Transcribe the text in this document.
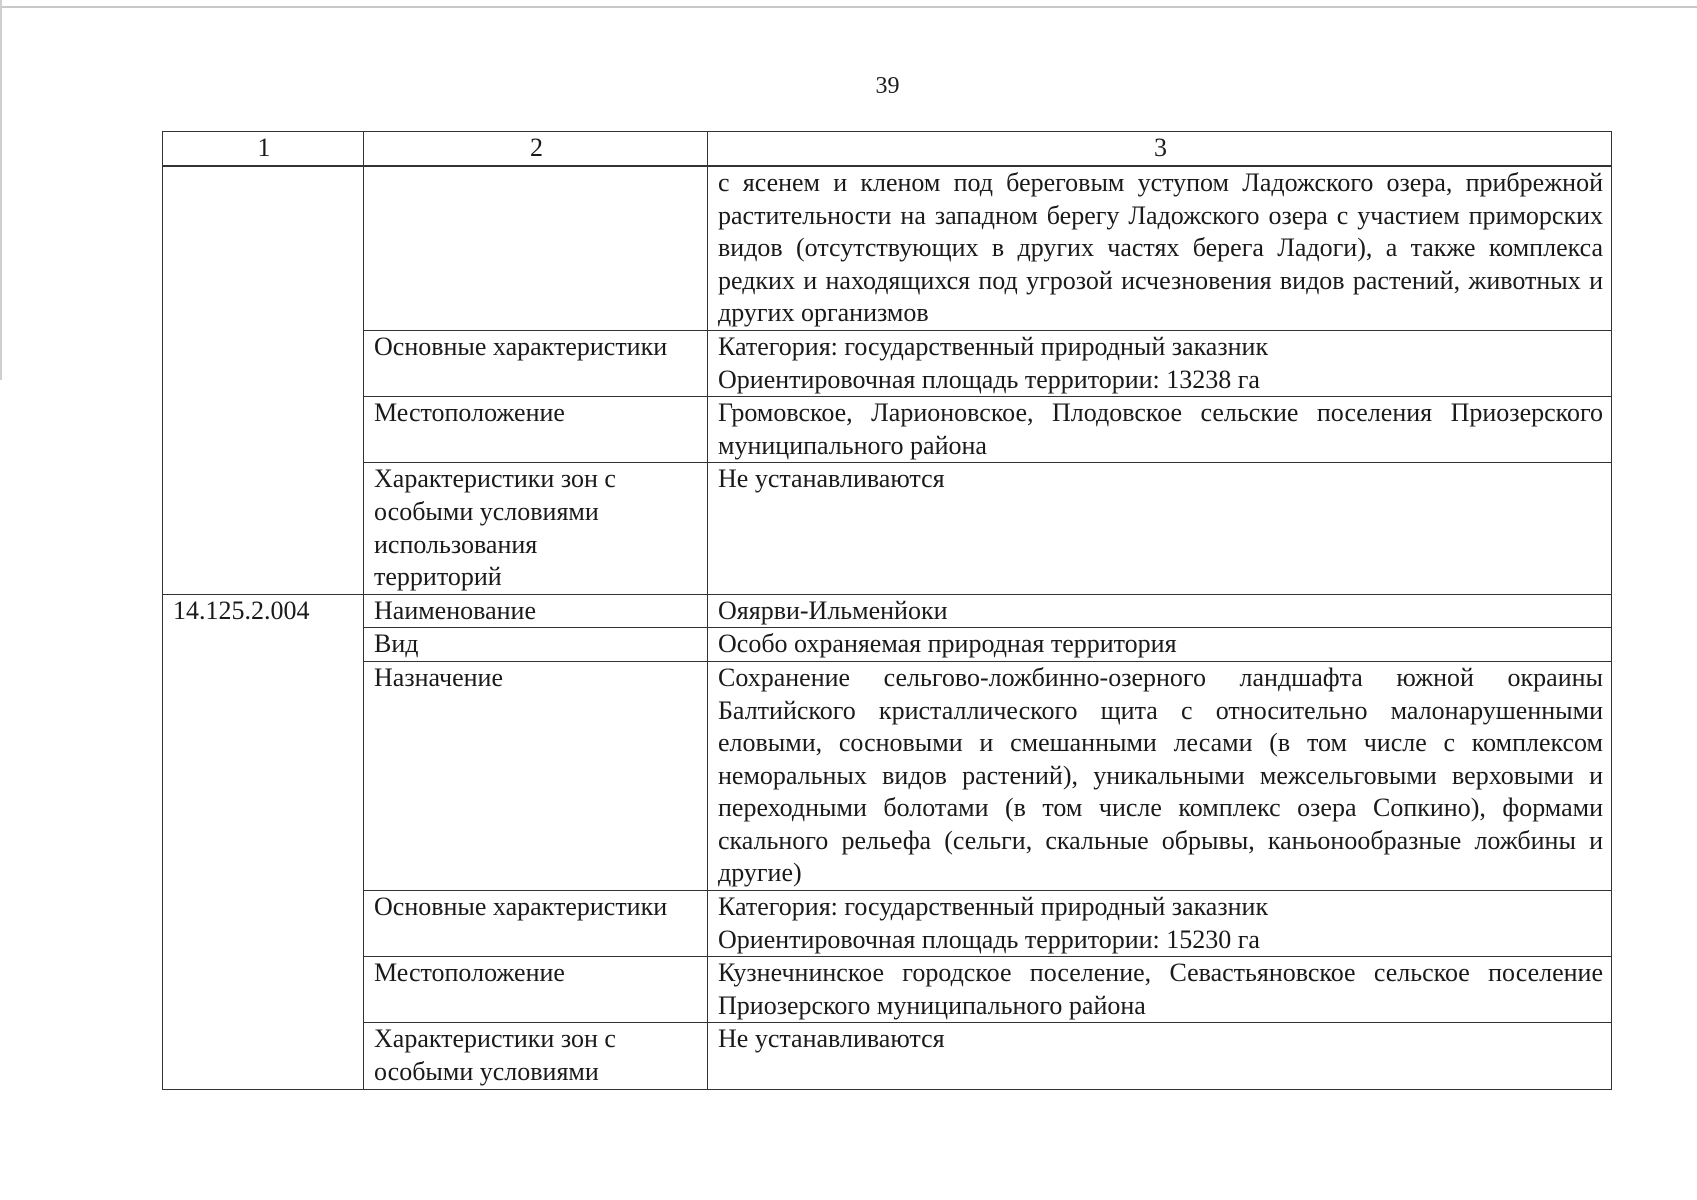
39
1	2	3
		с ясенем и кленом под береговым уступом Ладожского озера, прибрежной растительности на западном берегу Ладожского озера с участием приморских видов (отсутствующих в других частях берега Ладоги), а также комплекса редких и находящихся под угрозой исчезновения видов растений, животных и других организмов
	Основные характеристики	Категория: государственный природный заказник
Ориентировочная площадь территории: 13238 га

	Местоположение	Громовское, Ларионовское, Плодовское сельские поселения Приозерского муниципального района

	Характеристики зон с особыми условиями использования территорий	Не устанавливаются
14.125.2.004	Наименование	Ояярви-Ильменйоки
	Вид	Особо охраняемая природная территория
	Назначение	Сохранение сельгово-ложбинно-озерного ландшафта южной окраины Балтийского кристаллического щита с относительно малонарушенными еловыми, сосновыми и смешанными лесами (в том числе с комплексом неморальных видов растений), уникальными межсельговыми верховыми и переходными болотами (в том числе комплекс озера Сопкино), формами скального рельефа (сельги, скальные обрывы, каньонообразные ложбины и другие)
	Основные характеристики	Категория: государственный природный заказник
Ориентировочная площадь территории: 15230 га

	Местоположение	Кузнечнинское городское поселение, Севастьяновское сельское поселение Приозерского муниципального района

	Характеристики зон с особыми условиями	Не устанавливаются
